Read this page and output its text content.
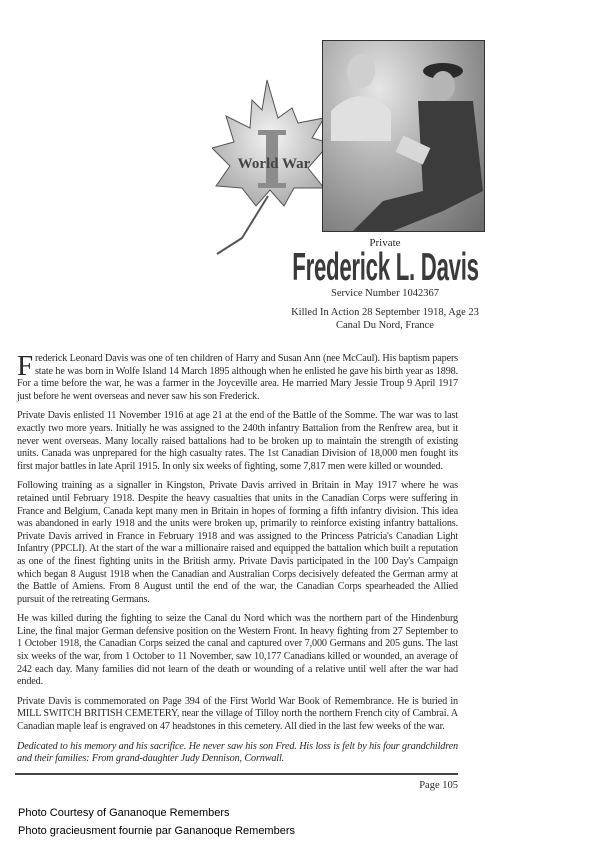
World War
Private
Frederick L. Davis
Service Number 1042367
Killed In Action 28 September 1918, Age 23
Canal Du Nord, France

Frederick Leonard Davis was one of ten children of Harry and Susan Ann (nee McCaul). His baptism papers state he was born in Wolfe Island 14 March 1895 although when he enlisted he gave his birth year as 1898. For a time before the war, he was a farmer in the Joyceville area. He married Mary Jessie Troup 9 April 1917 just before he went overseas and never saw his son Frederick.

Private Davis enlisted 11 November 1916 at age 21 at the end of the Battle of the Somme. The war was to last exactly two more years. Initially he was assigned to the 240th infantry Battalion from the Renfrew area, but it never went overseas. Many locally raised battalions had to be broken up to maintain the strength of existing units. Canada was unprepared for the high casualty rates. The 1st Canadian Division of 18,000 men fought its first major battles in late April 1915. In only six weeks of fighting, some 7,817 men were killed or wounded.

Following training as a signaller in Kingston, Private Davis arrived in Britain in May 1917 where he was retained until February 1918. Despite the heavy casualties that units in the Canadian Corps were suffering in France and Belgium, Canada kept many men in Britain in hopes of forming a fifth infantry division. This idea was abandoned in early 1918 and the units were broken up, primarily to reinforce existing infantry battalions. Private Davis arrived in France in February 1918 and was assigned to the Princess Patricia's Canadian Light Infantry (PPCLI). At the start of the war a millionaire raised and equipped the battalion which built a reputation as one of the finest fighting units in the British army. Private Davis participated in the 100 Day's Campaign which began 8 August 1918 when the Canadian and Australian Corps decisively defeated the German army at the Battle of Amiens. From 8 August until the end of the war, the Canadian Corps spearheaded the Allied pursuit of the retreating Germans.

He was killed during the fighting to seize the Canal du Nord which was the northern part of the Hindenburg Line, the final major German defensive position on the Western Front. In heavy fighting from 27 September to 1 October 1918, the Canadian Corps seized the canal and captured over 7,000 Germans and 205 guns. The last six weeks of the war, from 1 October to 11 November, saw 10,177 Canadians killed or wounded, an average of 242 each day. Many families did not learn of the death or wounding of a relative until well after the war had ended.

Private Davis is commemorated on Page 394 of the First World War Book of Remembrance. He is buried in MILL SWITCH BRITISH CEMETERY, near the village of Tilloy north the northern French city of Cambrai. A Canadian maple leaf is engraved on 47 headstones in this cemetery. All died in the last few weeks of the war.

Dedicated to his memory and his sacrifice. He never saw his son Fred. His loss is felt by his four grandchildren and their families: From grand-daughter Judy Dennison, Cornwall.

Page 105
Photo Courtesy of Gananoque Remembers
Photo gracieusment fournie par Gananoque Remembers
